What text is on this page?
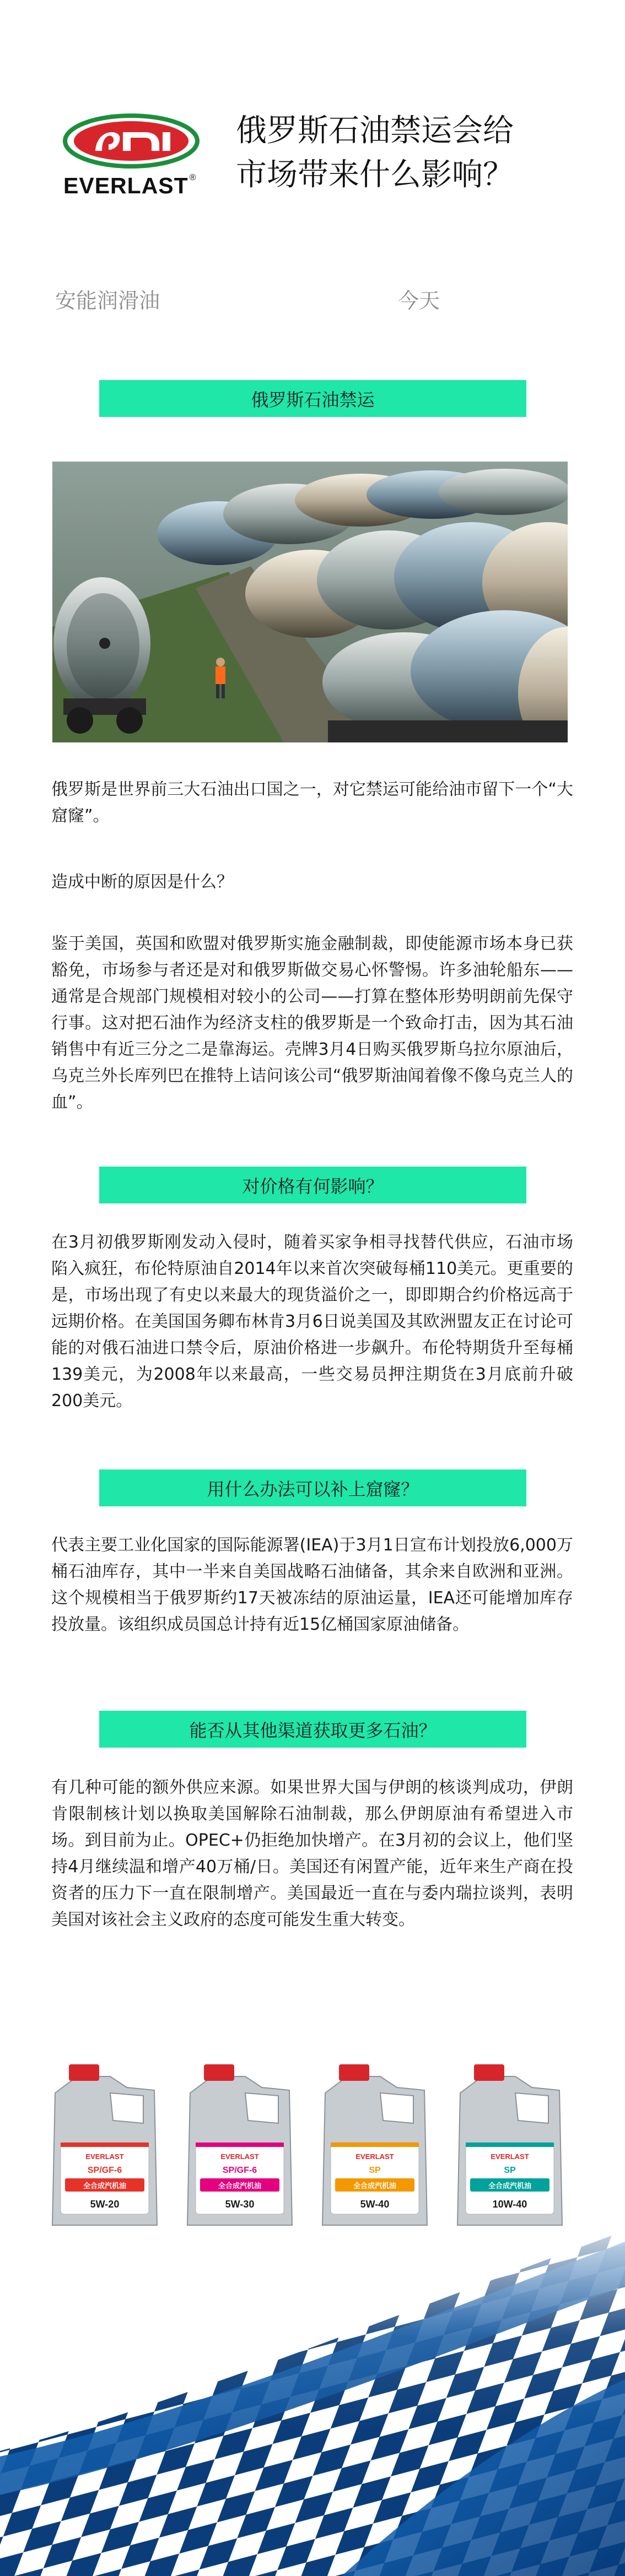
EVERLAST ®
俄罗斯石油禁运会给
市场带来什么影响？
安能润滑油	今天
俄罗斯石油禁运

俄罗斯是世界前三大石油出口国之一，对它禁运可能给油市留下一个“大窟窿”。

造成中断的原因是什么？

鉴于美国，英国和欧盟对俄罗斯实施金融制裁，即使能源市场本身已获豁免，市场参与者还是对和俄罗斯做交易心怀警惕。许多油轮船东——通常是合规部门规模相对较小的公司——打算在整体形势明朗前先保守行事。这对把石油作为经济支柱的俄罗斯是一个致命打击，因为其石油销售中有近三分之二是靠海运。壳牌3月4日购买俄罗斯乌拉尔原油后，乌克兰外长库列巴在推特上诘问该公司“俄罗斯油闻着像不像乌克兰人的血”。

对价格有何影响？

在3月初俄罗斯刚发动入侵时，随着买家争相寻找替代供应，石油市场陷入疯狂，布伦特原油自2014年以来首次突破每桶110美元。更重要的是，市场出现了有史以来最大的现货溢价之一，即即期合约价格远高于远期价格。在美国国务卿布林肯3月6日说美国及其欧洲盟友正在讨论可能的对俄石油进口禁令后，原油价格进一步飙升。布伦特期货升至每桶139美元，为2008年以来最高，一些交易员押注期货在3月底前升破200美元。

用什么办法可以补上窟窿？

代表主要工业化国家的国际能源署(IEA)于3月1日宣布计划投放6,000万桶石油库存，其中一半来自美国战略石油储备，其余来自欧洲和亚洲。这个规模相当于俄罗斯约17天被冻结的原油运量，IEA还可能增加库存投放量。该组织成员国总计持有近15亿桶国家原油储备。

能否从其他渠道获取更多石油？

有几种可能的额外供应来源。如果世界大国与伊朗的核谈判成功，伊朗肯限制核计划以换取美国解除石油制裁，那么伊朗原油有希望进入市场。到目前为止。OPEC+仍拒绝加快增产。在3月初的会议上，他们坚持4月继续温和增产40万桶/日。美国还有闲置产能，近年来生产商在投资者的压力下一直在限制增产。美国最近一直在与委内瑞拉谈判，表明美国对该社会主义政府的态度可能发生重大转变。

EVERLAST
SP/GF-6
全合成汽机油
5W-20
EVERLAST
SP/GF-6
全合成汽机油
5W-30
EVERLAST
SP
全合成汽机油
5W-40
EVERLAST
SP
全合成汽机油
10W-40
